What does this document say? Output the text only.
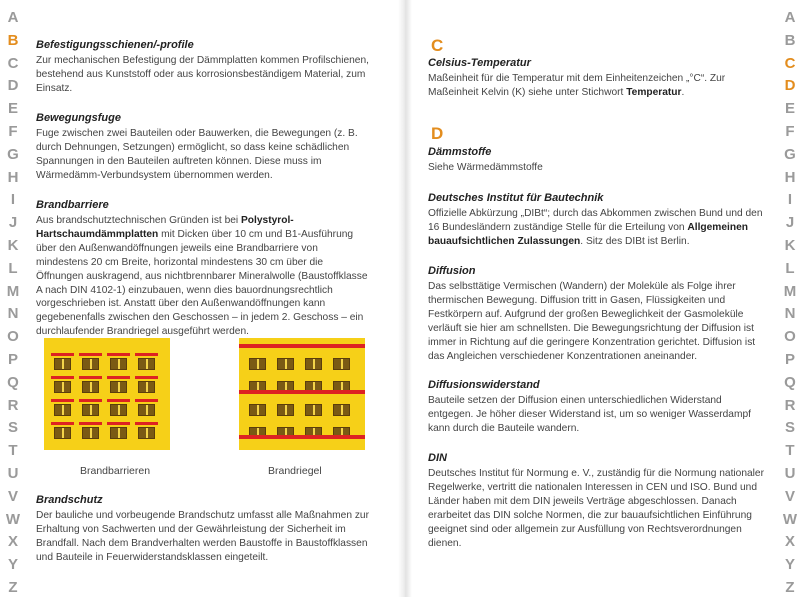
A
B
C
D
E
F
G
H
I
J
K
L
M
N
O
P
Q
R
S
T
U
V
W
X
Y
Z
A
B
C
D
E
F
G
H
I
J
K
L
M
N
O
P
Q
R
S
T
U
V
W
X
Y
Z
Befestigungsschienen/-profile
Zur mechanischen Befestigung der Dämmplatten kommen Profilschienen, bestehend aus Kunststoff oder aus korrosionsbeständigem Material, zum Einsatz.
Bewegungsfuge
Fuge zwischen zwei Bauteilen oder Bauwerken, die Bewegungen (z. B. durch Dehnungen, Setzungen) ermöglicht, so dass keine schädlichen Spannungen in den Bauteilen auftreten können. Diese muss im Wärmedämm-Verbundsystem übernommen werden.
Brandbarriere
Aus brandschutztechnischen Gründen ist bei Polystyrol-Hartschaumdämmplatten mit Dicken über 10 cm und B1-Ausführung über den Außenwandöffnungen jeweils eine Brandbarriere von mindestens 20 cm Breite, horizontal mindestens 30 cm über die Öffnungen auskragend, aus nichtbrennbarer Mineralwolle (Baustoffklasse A nach DIN 4102-1) einzubauen, wenn dies bauordnungsrechtlich vorgeschrieben ist. Anstatt über den Außenwandöffnungen kann gegebenenfalls zwischen den Geschossen – in jedem 2. Geschoss – ein durchlaufender Brandriegel ausgeführt werden.
Brandbarrieren	Brandriegel
Brandschutz
Der bauliche und vorbeugende Brandschutz umfasst alle Maßnahmen zur Erhaltung von Sachwerten und der Gewährleistung der Sicherheit im Brandfall. Nach dem Brandverhalten werden Baustoffe in Baustoffklassen und Bauteile in Feuerwiderstandsklassen eingeteilt.
C
Celsius-Temperatur
Maßeinheit für die Temperatur mit dem Einheitenzeichen „°C“. Zur Maßeinheit Kelvin (K) siehe unter Stichwort Temperatur.
D
Dämmstoffe
Siehe Wärmedämmstoffe
Deutsches Institut für Bautechnik
Offizielle Abkürzung „DIBt“; durch das Abkommen zwischen Bund und den 16 Bundesländern zuständige Stelle für die Erteilung von Allgemeinen bauaufsichtlichen Zulassungen. Sitz des DIBt ist Berlin.
Diffusion
Das selbsttätige Vermischen (Wandern) der Moleküle als Folge ihrer thermischen Bewegung. Diffusion tritt in Gasen, Flüssigkeiten und Festkörpern auf. Aufgrund der großen Beweglichkeit der Gasmoleküle verläuft sie hier am schnellsten. Die Bewegungsrichtung der Diffusion ist immer in Richtung auf die geringere Konzentration gerichtet. Diffusion ist das Angleichen verschiedener Konzentrationen aneinander.
Diffusionswiderstand
Bauteile setzen der Diffusion einen unterschiedlichen Widerstand entgegen. Je höher dieser Widerstand ist, um so weniger Wasserdampf kann durch die Bauteile wandern.
DIN
Deutsches Institut für Normung e. V., zuständig für die Normung nationaler Regelwerke, vertritt die nationalen Interessen in CEN und ISO. Bund und Länder haben mit dem DIN jeweils Verträge abgeschlossen. Danach erarbeitet das DIN solche Normen, die zur bauaufsichtlichen Einführung geeignet sind oder allgemein zur Ausfüllung von Rechtsverordnungen dienen.
